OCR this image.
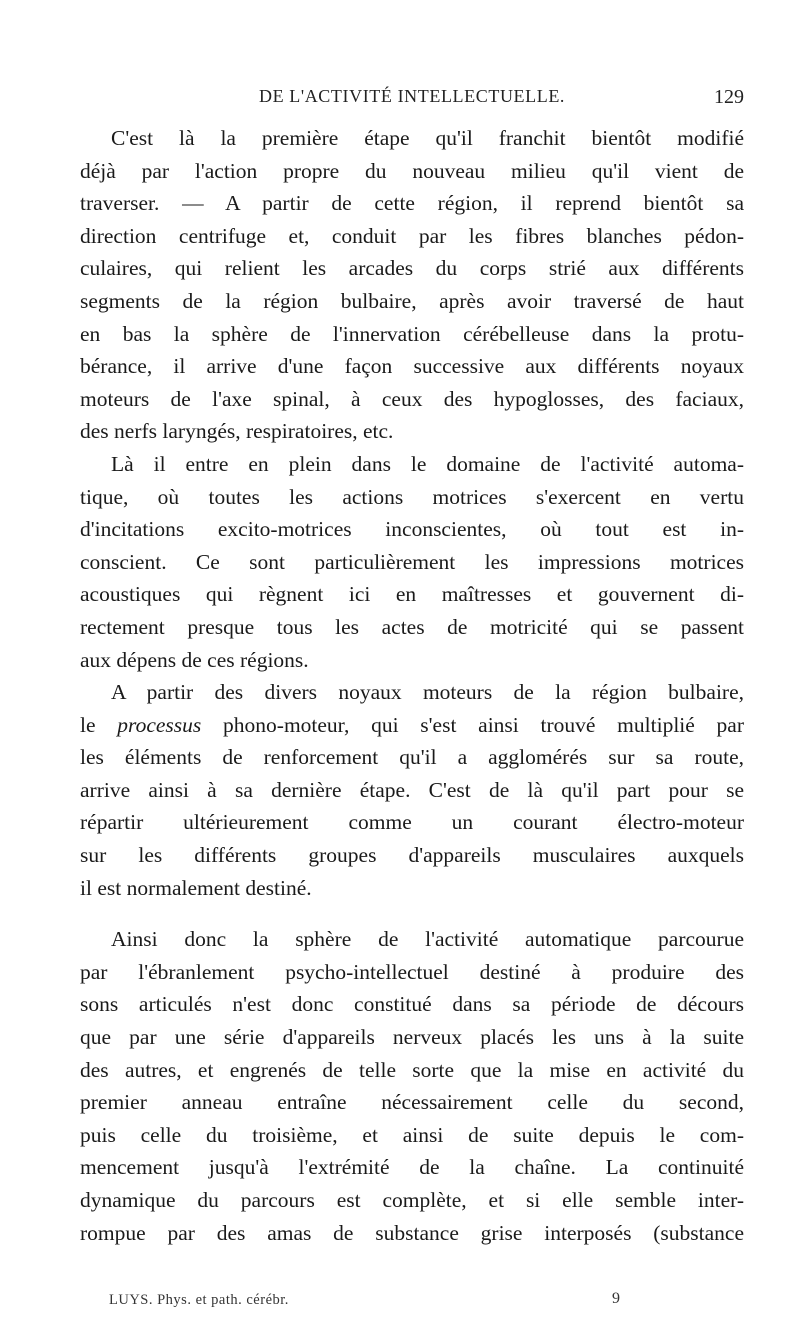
DE L'ACTIVITÉ INTELLECTUELLE.	129
C'est là la première étape qu'il franchit bientôt modifié
déjà par l'action propre du nouveau milieu qu'il vient de
traverser. — A partir de cette région, il reprend bientôt sa
direction centrifuge et, conduit par les fibres blanches pédon-
culaires, qui relient les arcades du corps strié aux différents
segments de la région bulbaire, après avoir traversé de haut
en bas la sphère de l'innervation cérébelleuse dans la protu-
bérance, il arrive d'une façon successive aux différents noyaux
moteurs de l'axe spinal, à ceux des hypoglosses, des faciaux,
des nerfs laryngés, respiratoires, etc.
Là il entre en plein dans le domaine de l'activité automa-
tique, où toutes les actions motrices s'exercent en vertu
d'incitations excito-motrices inconscientes, où tout est in-
conscient. Ce sont particulièrement les impressions motrices
acoustiques qui règnent ici en maîtresses et gouvernent di-
rectement presque tous les actes de motricité qui se passent
aux dépens de ces régions.
A partir des divers noyaux moteurs de la région bulbaire,
le processus phono-moteur, qui s'est ainsi trouvé multiplié par
les éléments de renforcement qu'il a agglomérés sur sa route,
arrive ainsi à sa dernière étape. C'est de là qu'il part pour se
répartir ultérieurement comme un courant électro-moteur
sur les différents groupes d'appareils musculaires auxquels
il est normalement destiné.
Ainsi donc la sphère de l'activité automatique parcourue
par l'ébranlement psycho-intellectuel destiné à produire des
sons articulés n'est donc constitué dans sa période de décours
que par une série d'appareils nerveux placés les uns à la suite
des autres, et engrenés de telle sorte que la mise en activité du
premier anneau entraîne nécessairement celle du second,
puis celle du troisième, et ainsi de suite depuis le com-
mencement jusqu'à l'extrémité de la chaîne. La continuité
dynamique du parcours est complète, et si elle semble inter-
rompue par des amas de substance grise interposés (substance
LUYS. Phys. et path. cérébr.	9
